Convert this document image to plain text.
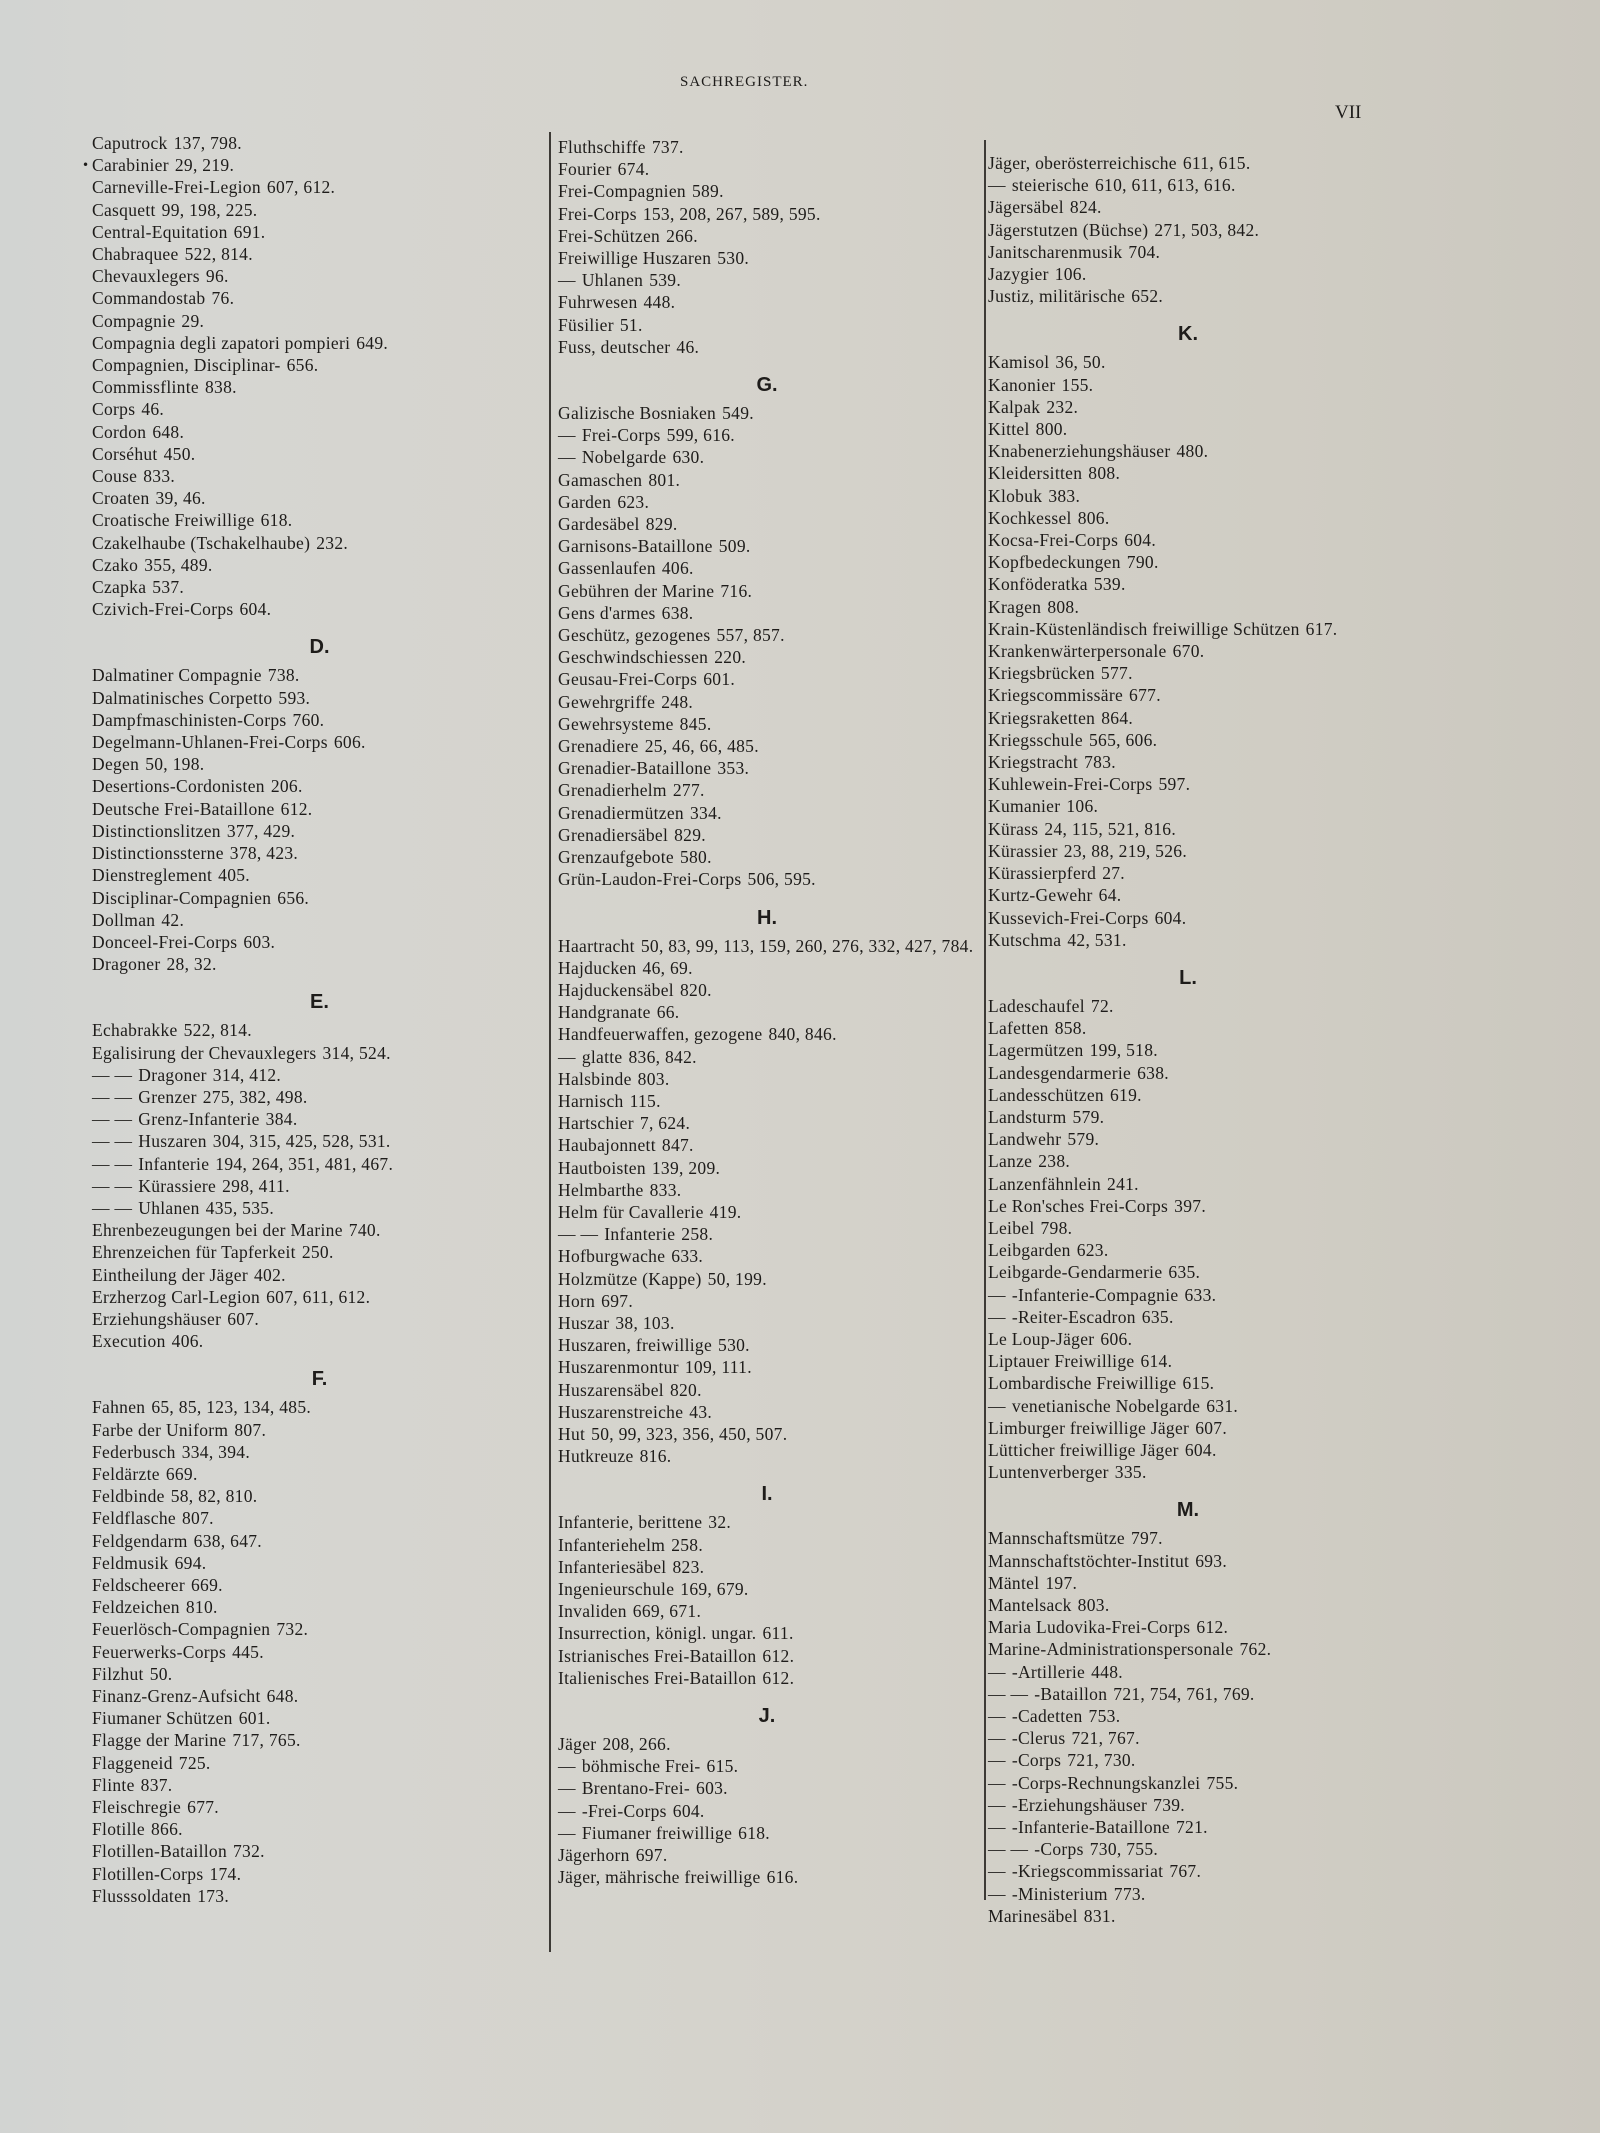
SACHREGISTER.
VII
•
Caputrock 137, 798.
Carabinier 29, 219.
Carneville-Frei-Legion 607, 612.
Casquett 99, 198, 225.
Central-Equitation 691.
Chabraquee 522, 814.
Chevauxlegers 96.
Commandostab 76.
Compagnie 29.
Compagnia degli zapatori pompieri 649.
Compagnien, Disciplinar- 656.
Commissflinte 838.
Corps 46.
Cordon 648.
Corséhut 450.
Couse 833.
Croaten 39, 46.
Croatische Freiwillige 618.
Czakelhaube (Tschakelhaube) 232.
Czako 355, 489.
Czapka 537.
Czivich-Frei-Corps 604.
D.
Dalmatiner Compagnie 738.
Dalmatinisches Corpetto 593.
Dampfmaschinisten-Corps 760.
Degelmann-Uhlanen-Frei-Corps 606.
Degen 50, 198.
Desertions-Cordonisten 206.
Deutsche Frei-Bataillone 612.
Distinctionslitzen 377, 429.
Distinctionssterne 378, 423.
Dienstreglement 405.
Disciplinar-Compagnien 656.
Dollman 42.
Donceel-Frei-Corps 603.
Dragoner 28, 32.
E.
Echabrakke 522, 814.
Egalisirung der Chevauxlegers 314, 524.
— — Dragoner 314, 412.
— — Grenzer 275, 382, 498.
— — Grenz-Infanterie 384.
— — Huszaren 304, 315, 425, 528, 531.
— — Infanterie 194, 264, 351, 481, 467.
— — Kürassiere 298, 411.
— — Uhlanen 435, 535.
Ehrenbezeugungen bei der Marine 740.
Ehrenzeichen für Tapferkeit 250.
Eintheilung der Jäger 402.
Erzherzog Carl-Legion 607, 611, 612.
Erziehungshäuser 607.
Execution 406.
F.
Fahnen 65, 85, 123, 134, 485.
Farbe der Uniform 807.
Federbusch 334, 394.
Feldärzte 669.
Feldbinde 58, 82, 810.
Feldflasche 807.
Feldgendarm 638, 647.
Feldmusik 694.
Feldscheerer 669.
Feldzeichen 810.
Feuerlösch-Compagnien 732.
Feuerwerks-Corps 445.
Filzhut 50.
Finanz-Grenz-Aufsicht 648.
Fiumaner Schützen 601.
Flagge der Marine 717, 765.
Flaggeneid 725.
Flinte 837.
Fleischregie 677.
Flotille 866.
Flotillen-Bataillon 732.
Flotillen-Corps 174.
Flusssoldaten 173.
Fluthschiffe 737.
Fourier 674.
Frei-Compagnien 589.
Frei-Corps 153, 208, 267, 589, 595.
Frei-Schützen 266.
Freiwillige Huszaren 530.
— Uhlanen 539.
Fuhrwesen 448.
Füsilier 51.
Fuss, deutscher 46.
G.
Galizische Bosniaken 549.
— Frei-Corps 599, 616.
— Nobelgarde 630.
Gamaschen 801.
Garden 623.
Gardesäbel 829.
Garnisons-Bataillone 509.
Gassenlaufen 406.
Gebühren der Marine 716.
Gens d'armes 638.
Geschütz, gezogenes 557, 857.
Geschwindschiessen 220.
Geusau-Frei-Corps 601.
Gewehrgriffe 248.
Gewehrsysteme 845.
Grenadiere 25, 46, 66, 485.
Grenadier-Bataillone 353.
Grenadierhelm 277.
Grenadiermützen 334.
Grenadiersäbel 829.
Grenzaufgebote 580.
Grün-Laudon-Frei-Corps 506, 595.
H.
Haartracht 50, 83, 99, 113, 159, 260, 276, 332, 427, 784.
Hajducken 46, 69.
Hajduckensäbel 820.
Handgranate 66.
Handfeuerwaffen, gezogene 840, 846.
— glatte 836, 842.
Halsbinde 803.
Harnisch 115.
Hartschier 7, 624.
Haubajonnett 847.
Hautboisten 139, 209.
Helmbarthe 833.
Helm für Cavallerie 419.
— — Infanterie 258.
Hofburgwache 633.
Holzmütze (Kappe) 50, 199.
Horn 697.
Huszar 38, 103.
Huszaren, freiwillige 530.
Huszarenmontur 109, 111.
Huszarensäbel 820.
Huszarenstreiche 43.
Hut 50, 99, 323, 356, 450, 507.
Hutkreuze 816.
I.
Infanterie, berittene 32.
Infanteriehelm 258.
Infanteriesäbel 823.
Ingenieurschule 169, 679.
Invaliden 669, 671.
Insurrection, königl. ungar. 611.
Istrianisches Frei-Bataillon 612.
Italienisches Frei-Bataillon 612.
J.
Jäger 208, 266.
— böhmische Frei- 615.
— Brentano-Frei- 603.
— -Frei-Corps 604.
— Fiumaner freiwillige 618.
Jägerhorn 697.
Jäger, mährische freiwillige 616.
Jäger, oberösterreichische 611, 615.
— steierische 610, 611, 613, 616.
Jägersäbel 824.
Jägerstutzen (Büchse) 271, 503, 842.
Janitscharenmusik 704.
Jazygier 106.
Justiz, militärische 652.
K.
Kamisol 36, 50.
Kanonier 155.
Kalpak 232.
Kittel 800.
Knabenerziehungshäuser 480.
Kleidersitten 808.
Klobuk 383.
Kochkessel 806.
Kocsa-Frei-Corps 604.
Kopfbedeckungen 790.
Konföderatka 539.
Kragen 808.
Krain-Küstenländisch freiwillige Schützen 617.
Krankenwärterpersonale 670.
Kriegsbrücken 577.
Kriegscommissäre 677.
Kriegsraketten 864.
Kriegsschule 565, 606.
Kriegstracht 783.
Kuhlewein-Frei-Corps 597.
Kumanier 106.
Kürass 24, 115, 521, 816.
Kürassier 23, 88, 219, 526.
Kürassierpferd 27.
Kurtz-Gewehr 64.
Kussevich-Frei-Corps 604.
Kutschma 42, 531.
L.
Ladeschaufel 72.
Lafetten 858.
Lagermützen 199, 518.
Landesgendarmerie 638.
Landesschützen 619.
Landsturm 579.
Landwehr 579.
Lanze 238.
Lanzenfähnlein 241.
Le Ron'sches Frei-Corps 397.
Leibel 798.
Leibgarden 623.
Leibgarde-Gendarmerie 635.
— -Infanterie-Compagnie 633.
— -Reiter-Escadron 635.
Le Loup-Jäger 606.
Liptauer Freiwillige 614.
Lombardische Freiwillige 615.
— venetianische Nobelgarde 631.
Limburger freiwillige Jäger 607.
Lütticher freiwillige Jäger 604.
Luntenverberger 335.
M.
Mannschaftsmütze 797.
Mannschaftstöchter-Institut 693.
Mäntel 197.
Mantelsack 803.
Maria Ludovika-Frei-Corps 612.
Marine-Administrationspersonale 762.
— -Artillerie 448.
— — -Bataillon 721, 754, 761, 769.
— -Cadetten 753.
— -Clerus 721, 767.
— -Corps 721, 730.
— -Corps-Rechnungskanzlei 755.
— -Erziehungshäuser 739.
— -Infanterie-Bataillone 721.
— — -Corps 730, 755.
— -Kriegscommissariat 767.
— -Ministerium 773.
Marinesäbel 831.
